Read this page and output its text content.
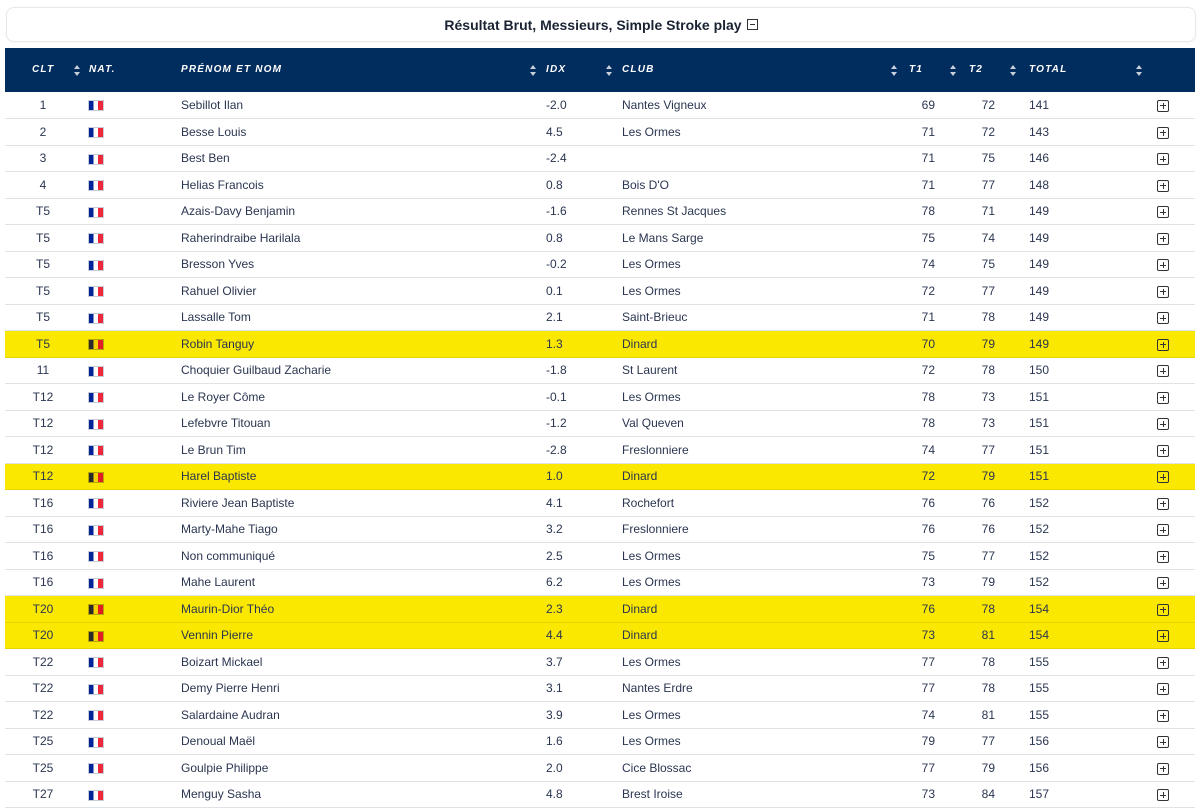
Résultat Brut, Messieurs, Simple Stroke play
CLT	NAT.	PRÉNOM ET NOM	IDX	CLUB	T1	T2	TOTAL	

1		Sebillot Ilan	-2.0	Nantes Vigneux	69	72	141	
2		Besse Louis	4.5	Les Ormes	71	72	143	
3		Best Ben	-2.4		71	75	146	
4		Helias Francois	0.8	Bois D'O	71	77	148	
T5		Azais-Davy Benjamin	-1.6	Rennes St Jacques	78	71	149	
T5		Raherindraibe Harilala	0.8	Le Mans Sarge	75	74	149	
T5		Bresson Yves	-0.2	Les Ormes	74	75	149	
T5		Rahuel Olivier	0.1	Les Ormes	72	77	149	
T5		Lassalle Tom	2.1	Saint-Brieuc	71	78	149	
T5		Robin Tanguy	1.3	Dinard	70	79	149	
11		Choquier Guilbaud Zacharie	-1.8	St Laurent	72	78	150	
T12		Le Royer Côme	-0.1	Les Ormes	78	73	151	
T12		Lefebvre Titouan	-1.2	Val Queven	78	73	151	
T12		Le Brun Tim	-2.8	Freslonniere	74	77	151	
T12		Harel Baptiste	1.0	Dinard	72	79	151	
T16		Riviere Jean Baptiste	4.1	Rochefort	76	76	152	
T16		Marty-Mahe Tiago	3.2	Freslonniere	76	76	152	
T16		Non communiqué	2.5	Les Ormes	75	77	152	
T16		Mahe Laurent	6.2	Les Ormes	73	79	152	
T20		Maurin-Dior Théo	2.3	Dinard	76	78	154	
T20		Vennin Pierre	4.4	Dinard	73	81	154	
T22		Boizart Mickael	3.7	Les Ormes	77	78	155	
T22		Demy Pierre Henri	3.1	Nantes Erdre	77	78	155	
T22		Salardaine Audran	3.9	Les Ormes	74	81	155	
T25		Denoual Maël	1.6	Les Ormes	79	77	156	
T25		Goulpie Philippe	2.0	Cice Blossac	77	79	156	
T27		Menguy Sasha	4.8	Brest Iroise	73	84	157	
